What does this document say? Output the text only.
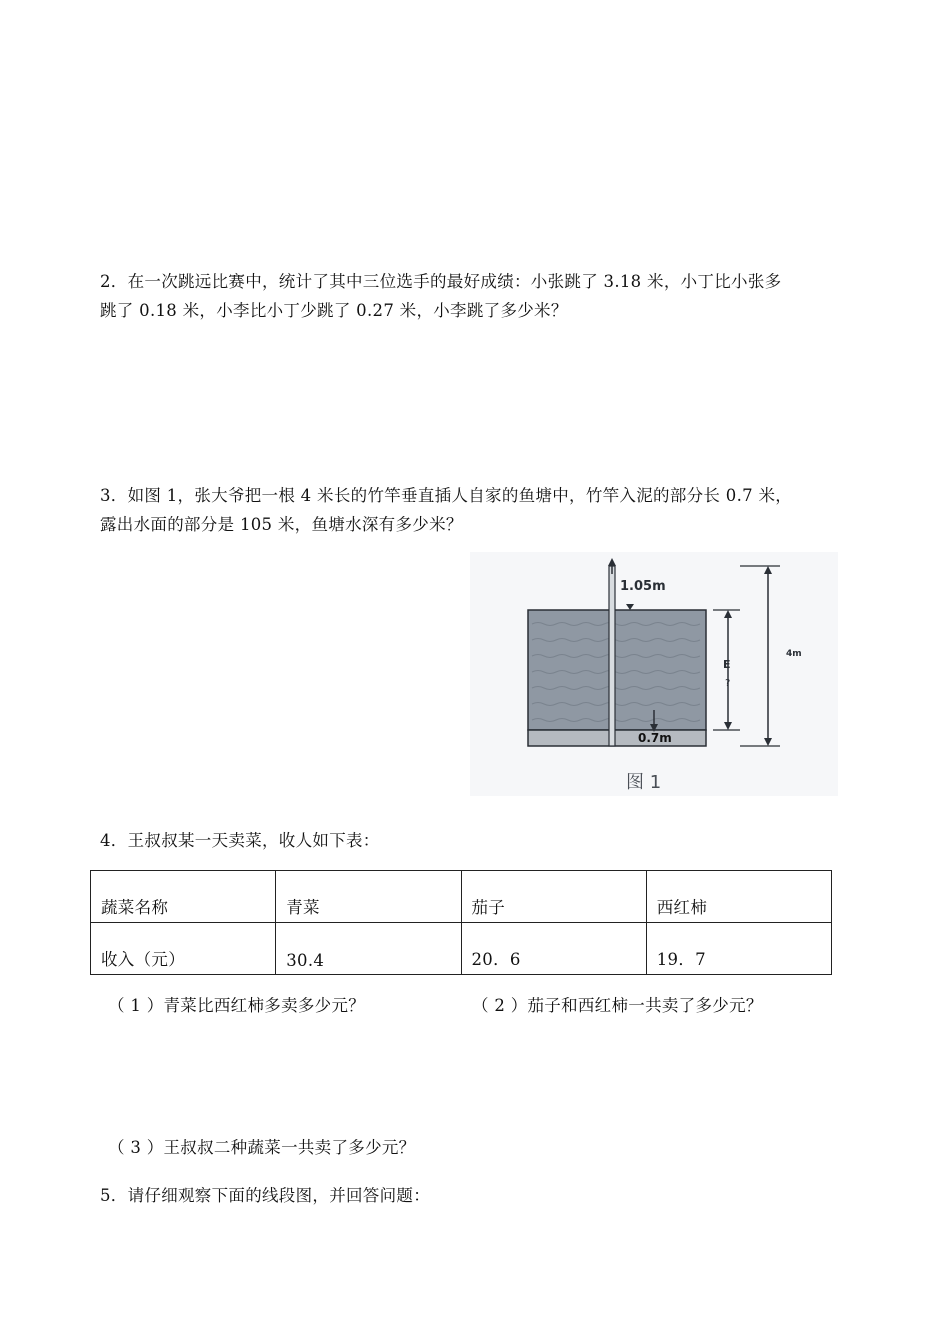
2．在一次跳远比赛中，统计了其中三位选手的最好成绩：小张跳了 3.18 米，小丁比小张多
跳了 0.18 米，小李比小丁少跳了 0.27 米，小李跳了多少米？
3．如图 1，张大爷把一根 4 米长的竹竿垂直插人自家的鱼塘中，竹竿入泥的部分长 0.7 米，
露出水面的部分是 105 米，鱼塘水深有多少米？
1.05m
0.7m
E
?
4m
图 1
4．王叔叔某一天卖菜，收人如下表：
蔬菜名称	青菜	茄子	西红柿
收入（元）	30.4	20．6	19．7
（ 1 ）青菜比西红柿多卖多少元？	（ 2 ）茄子和西红柿一共卖了多少元？
（ 3 ）王叔叔二种蔬菜一共卖了多少元？
5．请仔细观察下面的线段图，并回答问题：
